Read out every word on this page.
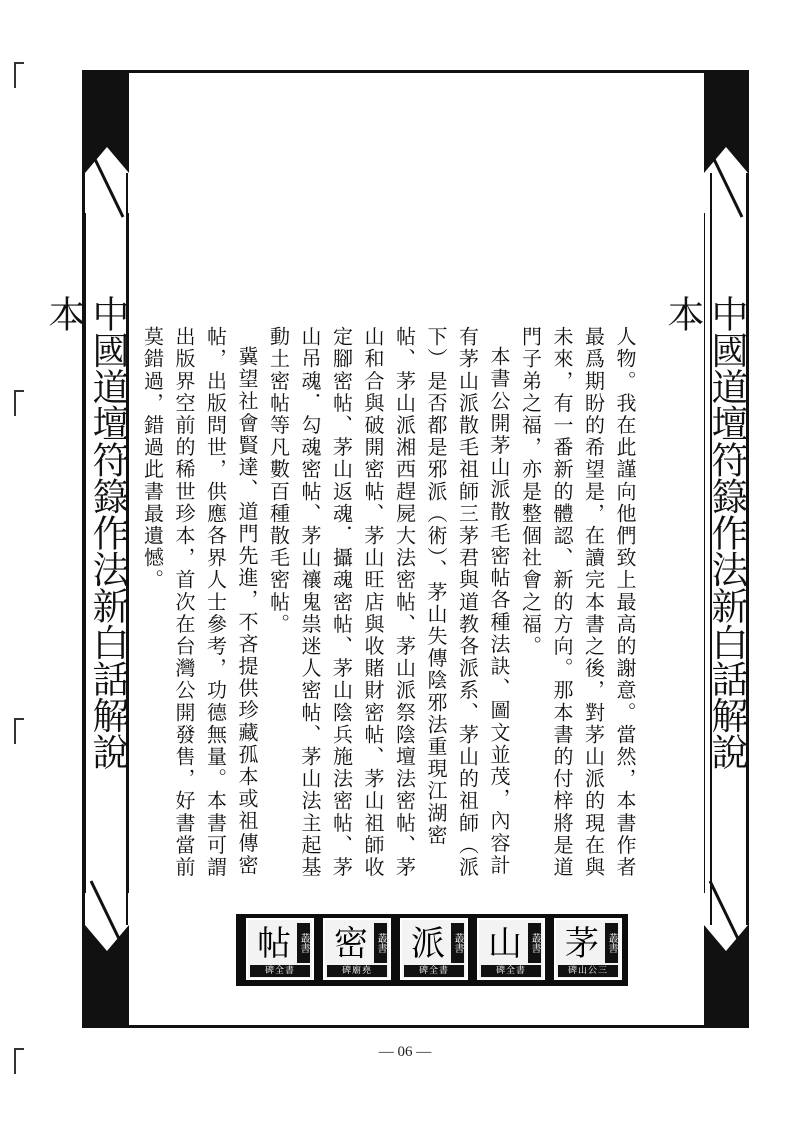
中國道壇符籙作法新白話解說本	中國道壇符籙作法新白話解說本

人物。我在此謹向他們致上最高的謝意。當然，本書作者最爲期盼的希望是，在讀完本書之後，對茅山派的現在與未來，有一番新的體認、新的方向。那本書的付梓將是道門子弟之福，亦是整個社會之福。

本書公開茅山派散毛密帖各種法訣、圖文並茂，內容計有茅山派散毛祖師三茅君與道教各派系、茅山的祖師（派下）是否都是邪派（術）、茅山失傳陰邪法重現江湖密帖、茅山派湘西趕屍大法密帖、茅山派祭陰壇法密帖、茅山和合與破開密帖、茅山旺店與收賭財密帖、茅山祖師收定腳密帖、茅山返魂．攝魂密帖、茅山陰兵施法密帖、茅山吊魂．勾魂密帖、茅山禳鬼祟迷人密帖、茅山法主起基動土密帖等凡數百種散毛密帖。

冀望社會賢達、道門先進，不吝提供珍藏孤本或祖傳密帖，出版問世，供應各界人士參考，功德無量。本書可謂出版界空前的稀世珍本，首次在台灣公開發售，好書當前莫錯過，錯過此書最遺憾。

帖 叢書
碑全書
密 叢書
碑廟堯
派 叢書
碑全書
山 叢書
碑全書
茅 叢書
碑山公三
— 06 —
